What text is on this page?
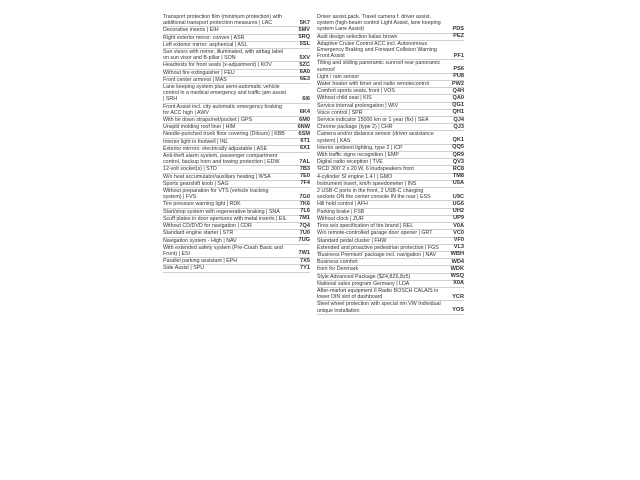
Transport protection film (minimum protection) with additional transport protection measures | LAC	5K7
Decorative inserts | EIH	5MV
Right exterior mirror: convex | ASR	5RQ
Left exterior mirror: aspherical | ASL	5SL
Sun visors with mirror, illuminated, with airbag label on sun visor and B-pillar | SON	5XV
Headrests for front seats (x-adjustment) | KOV	5ZC
Without fire extinguisher | FEU	6A0
Front center armrest | MAS	6E3
Lane keeping system plus semi-automatic vehicle control in a medical emergency and traffic jam assist | SRH	6I6
Front Assist incl. city automatic emergency braking for ACC high | AWV	6K4
With tie down straps/net/pocket | GPS	6M0
Unsplit molding roof liner | HIM	6NW
Needle-punched trunk floor covering (Dilours) | KBB	6SM
Interior light in footwell | INL	6T1
Exterior mirrors: electrically adjustable | ASE	6X1
Anti-theft alarm system, passenger compartment control, backup horn and towing protection | EDW	7AL
12-volt socket(s) | STD	7B3
W/o heat accumulator/auxiliary heating | WSA	7E0
Sports gearshift knob | SAG	7F4
Without preparation for VTS (vehicle tracking system) | FVS	7G0
Tire pressure warning light | RDK	7K6
Start/stop system with regenerative braking | SNA	7L6
Scuff plates in door apertures with metal inserts | EIL 7M1
Without CD/DVD for navigation | CDR	7Q4
Standard engine starter | STR	7U0
Navigation system - High | NAV	7UG
With extended safety system (Pre-Crash Basic and Front) | ESI	7W1
Parallel parking assistant | EPH	7X5
Side Assist | SPU	7Y1
Driver assist.pack. Travel camera f. driver assist. system (high-beam control Light Assist, lane keeping system Lane Assist)	PDS
Audi design selection balao brown	PEZ
Adaptive Cruise Control ACC incl. Autonomous Emergency Braking and Forward Collision Warning Front Assist	PF1
Tilting and sliding panoramic sunroof rear panoramic sunroof	PS6
Light / rain sensor	PU8
Water heater with timer and radio remotecontrol	PW2
Comfort sports seats, front | VOS	Q4H
Without child seat | KIS	QA0
Service interval prolongation | WIV	QG1
Voice control | SPR	QH1
Service indicator 15000 km or 1 year (fix) | SEA	QJ4
Chrome package (type 2) | CHR	QJ3
Camera and/or distance sensor (driver assistance system) | KAS	QK1
Interior ambient lighting, type 2 | ICP	QQ5
With traffic signs recognition | EMP	QR9
Digital radio reception | TVE	QV3
'RCD 300' 2 x 20 W, 6 loudspeakers front	RC8
4-cylinder SI engine 1.4 l | GMO	TM8
Instrument insert, km/h speedometer | INS	U5A
2 USB-C ports in the front, 2 USB-C charging sockets ON the center console IN the rear | ESS	U9C
Hill hold control | AFH	UG6
Parking brake | FSB	UH2
Without clock | ZUR	UP9
Tires w/o specification of tire brand | REL	V0A
W/o remote-controlled garage door opener | GRT	VC0
Standard pedal cluster | FHW	VF0
Extended and proactive pedestrian protection | FGS	VL3
'Business Premium' package incl. navigation | NAV	WBH
Business comfort	WD4
from for Denmark	WDK
Style Advanced Package ($Z4,8Z6,8z5)	WSQ
National sales program Germany | LDA	X0A
After-market equipment II Radio BOSCH CALAIS in lower DIN slot of dashboard	YCR
Steel wheel protection with special rim VW Individual unique installation	YOS
